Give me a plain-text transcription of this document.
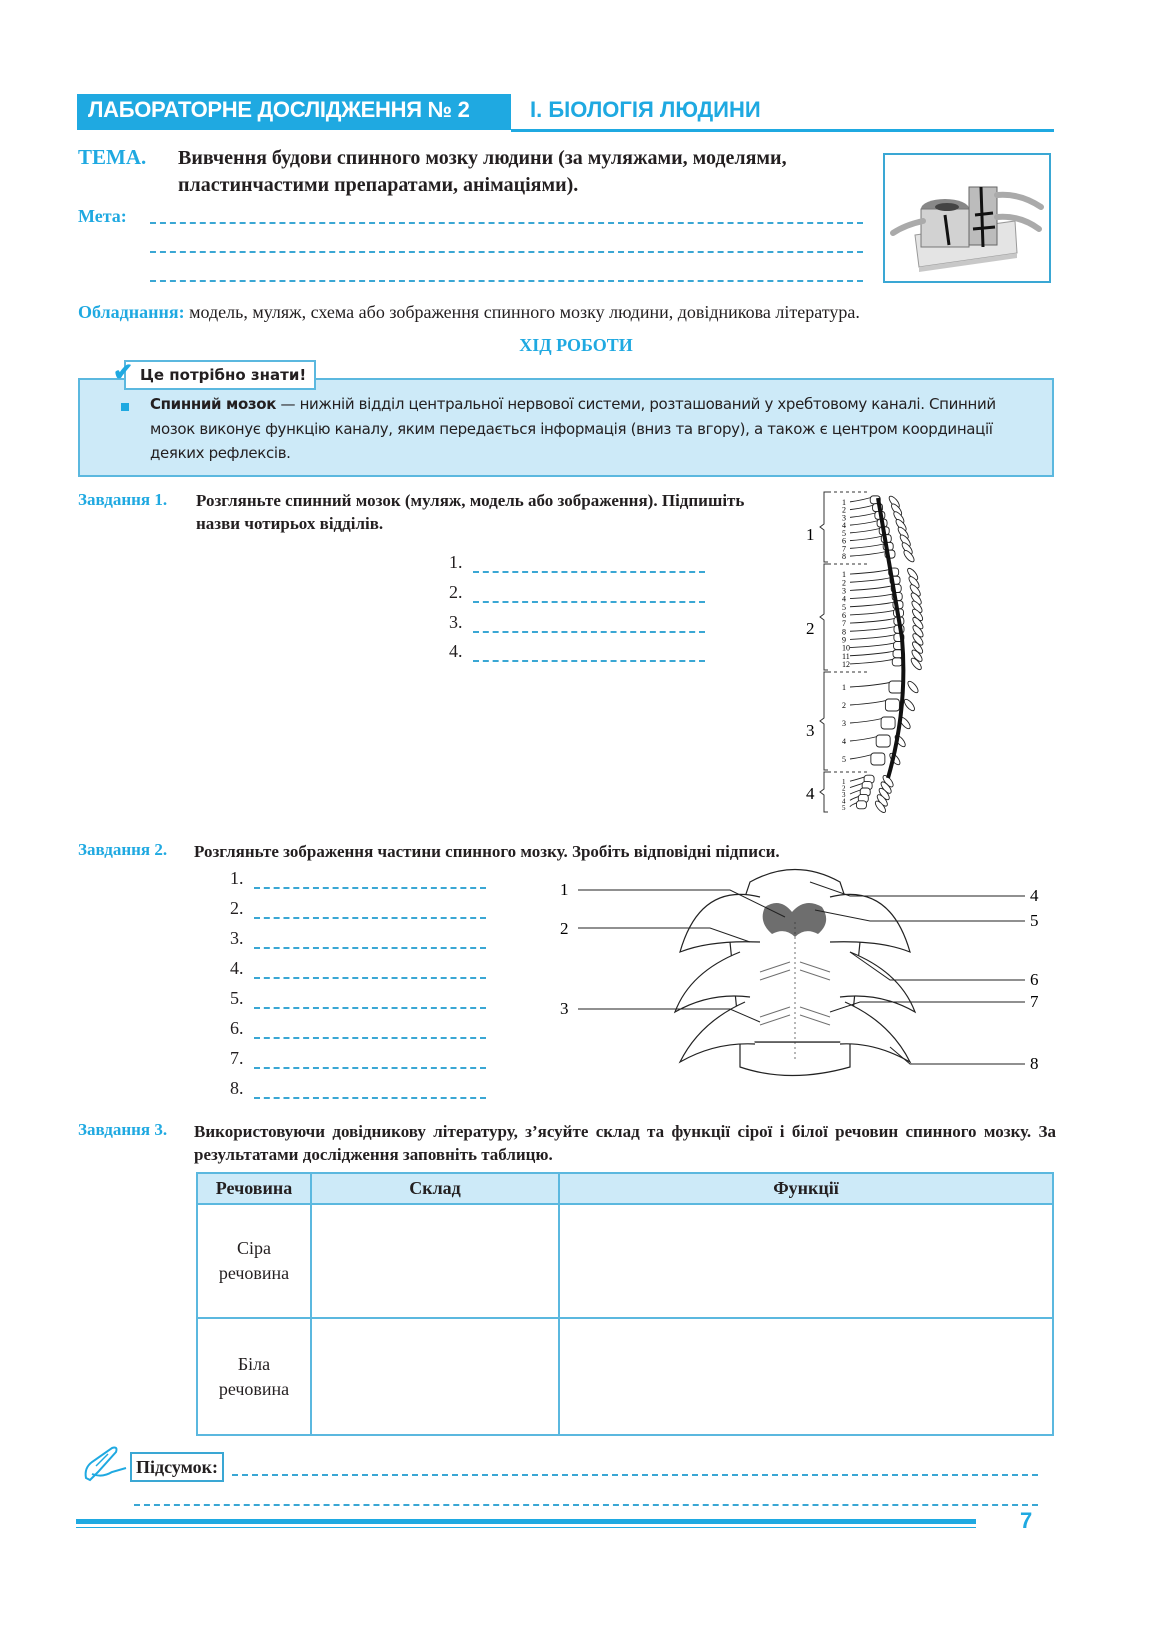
ЛАБОРАТОРНЕ ДОСЛІДЖЕННЯ № 2	І. БІОЛОГІЯ ЛЮДИНИ
ТЕМА. Вивчення будови спинного мозку людини (за муляжами, моделями, пластинчастими препаратами, анімаціями).
Мета:
Обладнання: модель, муляж, схема або зображення спинного мозку людини, довідникова література.
ХІД РОБОТИ
Це потрібно знати!
✔
Спинний мозок — нижній відділ центральної нервової системи, розташований у хребтовому каналі. Спинний мозок виконує функцію каналу, яким передається інформація (вниз та вгору), а також є центром координації деяких рефлексів.
Завдання 1. Розгляньте спинний мозок (муляж, модель або зображення). Підпишіть назви чотирьох відділів.
1.
2.
3.
4.
1
2
3
4
5
6
7
8
1
2
3
4
5
6
7
8
9
10
11
12
1
2
3
4
5
1
2
3
4
5
1
2
3
4
Завдання 2. Розгляньте зображення частини спинного мозку. Зробіть відповідні підписи.
1.
2.
3.
4.
5.
6.
7.
8.
1
2
3
4
5
6
7
8
Завдання 3. Використовуючи довідникову літературу, з’ясуйте склад та функції сірої і білої речовин спинного мозку. За результатами дослідження заповніть таблицю.
Речовина	Склад	Функції
Сіра речовина		
Біла речовина		
Підсумок:
7
